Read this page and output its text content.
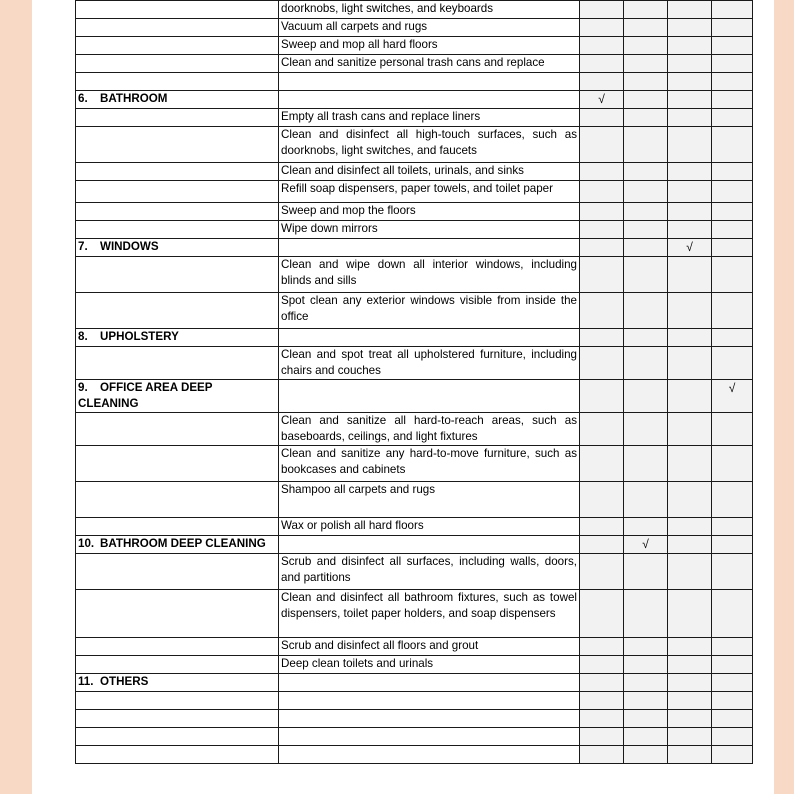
	doorknobs, light switches, and keyboards				

	Vacuum all carpets and rugs				

	Sweep and mop all hard floors				

	Clean and sanitize personal trash cans and replace				

6. BATHROOM		√			

	Empty all trash cans and replace liners				

	Clean and disinfect all high-touch surfaces, such as doorknobs, light switches, and faucets				

	Clean and disinfect all toilets, urinals, and sinks				

	Refill soap dispensers, paper towels, and toilet paper				

	Sweep and mop the floors				

	Wipe down mirrors				

7. WINDOWS				√	

	Clean and wipe down all interior windows, including blinds and sills				

	Spot clean any exterior windows visible from inside the office				

8. UPHOLSTERY					

	Clean and spot treat all upholstered furniture, including chairs and couches				

9. OFFICE AREA DEEP CLEANING					√

	Clean and sanitize all hard-to-reach areas, such as baseboards, ceilings, and light fixtures				

	Clean and sanitize any hard-to-move furniture, such as bookcases and cabinets				

	Shampoo all carpets and rugs				

	Wax or polish all hard floors				

10. BATHROOM DEEP CLEANING			√		

	Scrub and disinfect all surfaces, including walls, doors, and partitions				

	Clean and disinfect all bathroom fixtures, such as towel dispensers, toilet paper holders, and soap dispensers				

	Scrub and disinfect all floors and grout				

	Deep clean toilets and urinals				

11. OTHERS					
